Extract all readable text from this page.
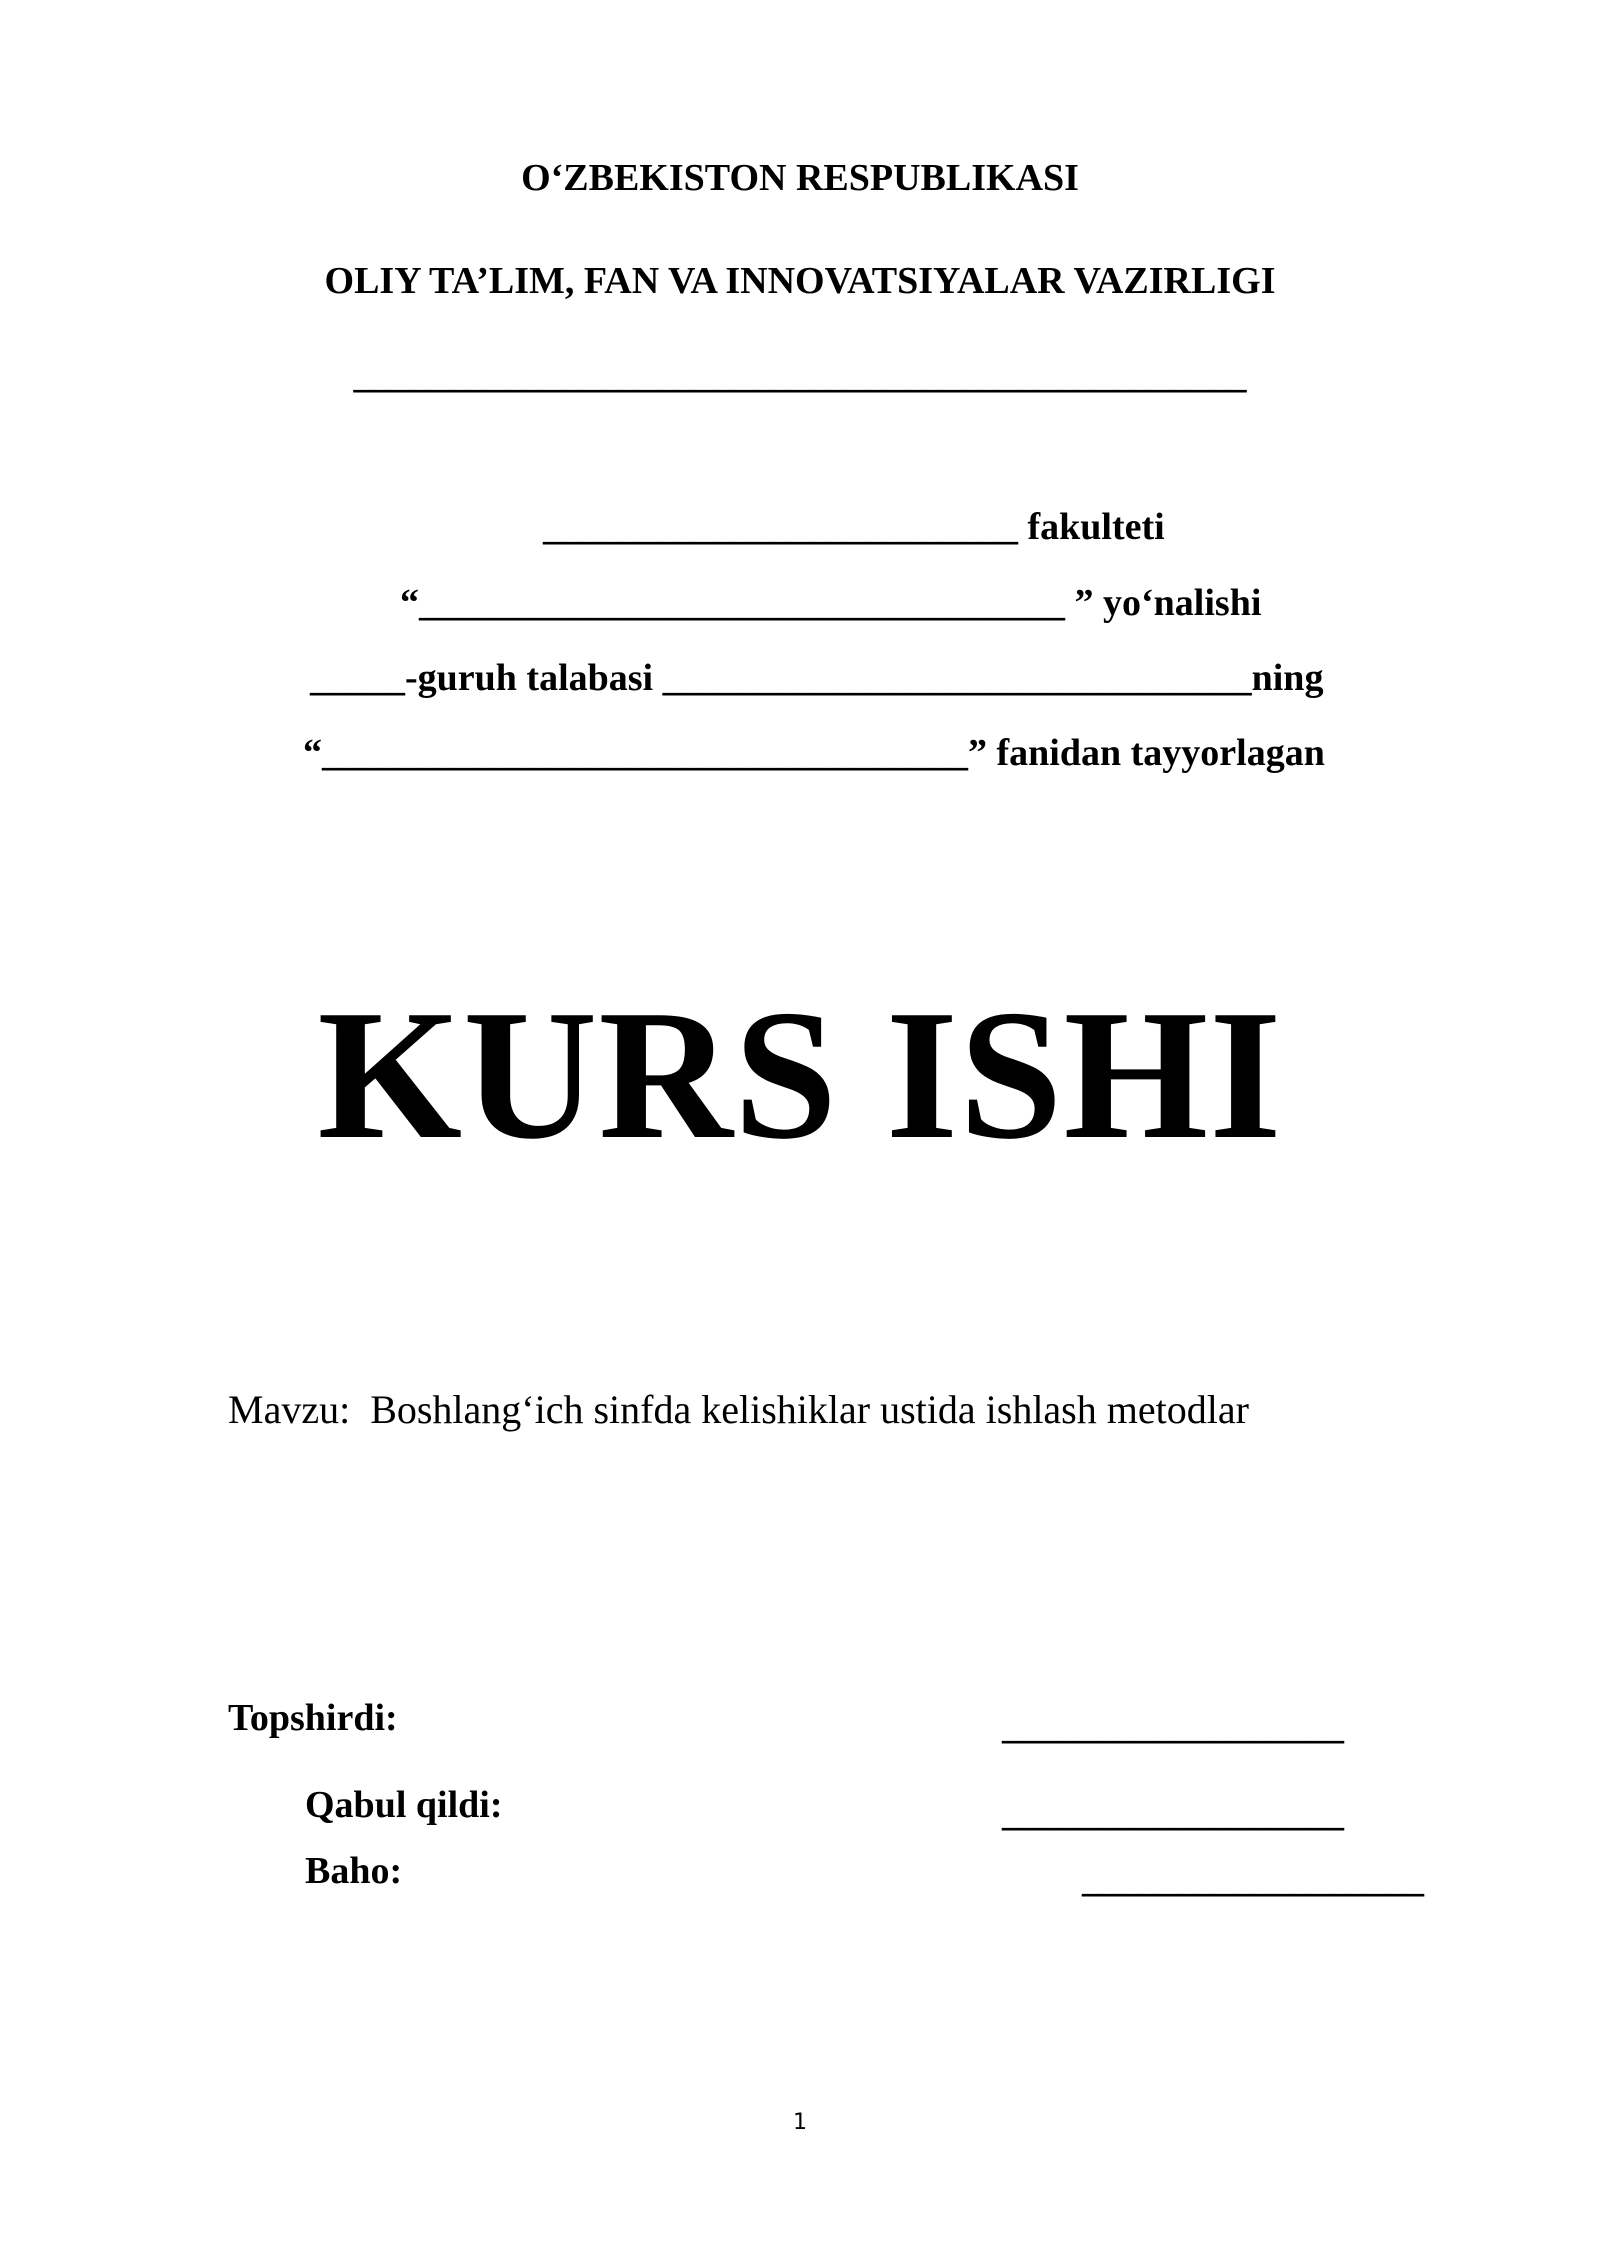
O‘ZBEKISTON RESPUBLIKASI
OLIY TA’LIM, FAN VA INNOVATSIYALAR VAZIRLIGI
_______________________________________________
_________________________ fakulteti
“__________________________________ ” yo‘nalishi
_____-guruh talabasi _______________________________ning
“__________________________________” fanidan tayyorlagan
KURS ISHI
Mavzu: Boshlang‘ich sinfda kelishiklar ustida ishlash metodlar
Topshirdi:	__________________
Qabul qildi:	__________________
Baho:	__________________
1
